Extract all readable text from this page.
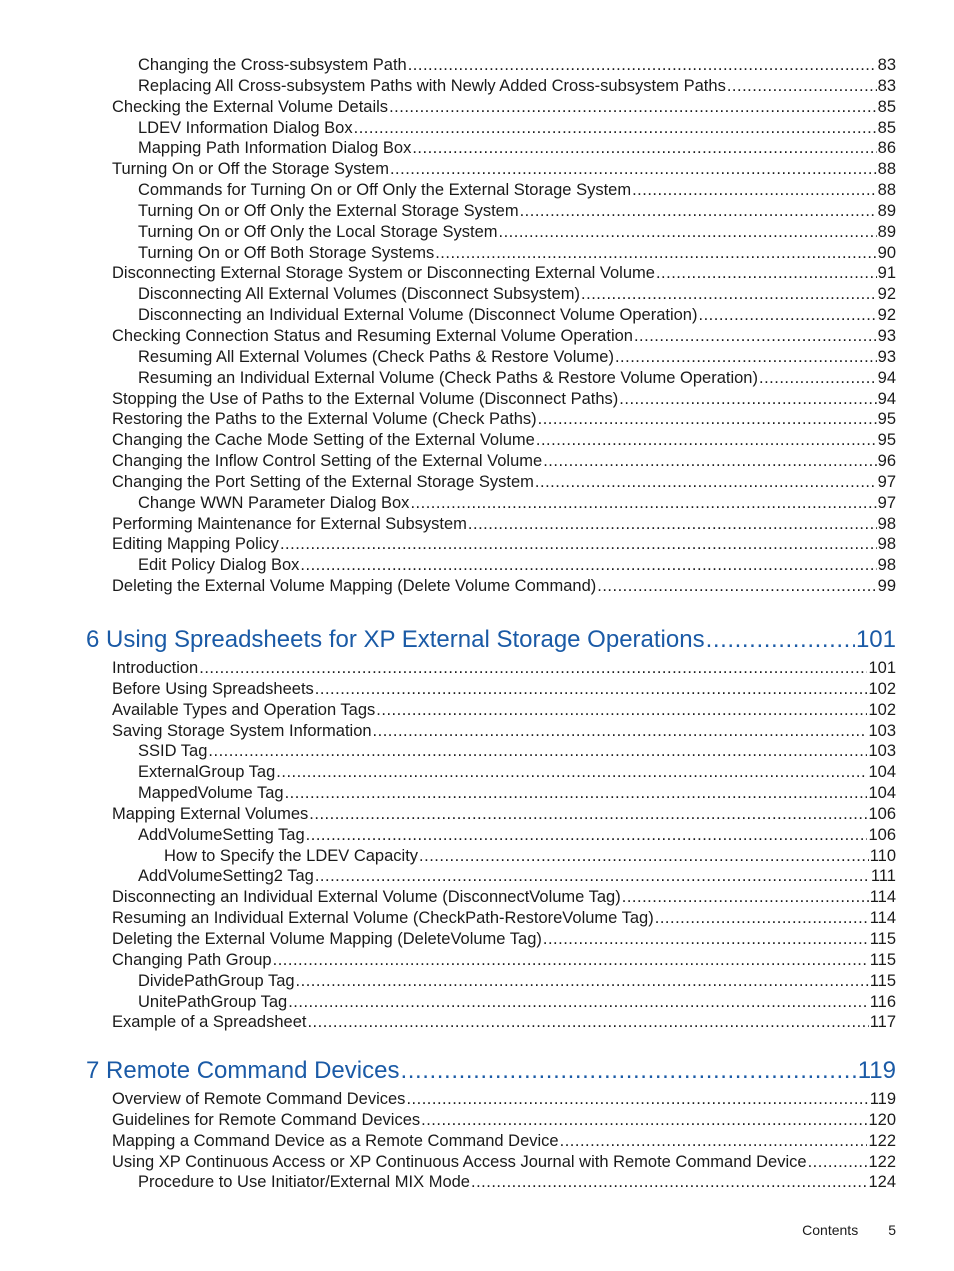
Changing the Cross-subsystem Path .....	83
Replacing All Cross-subsystem Paths with Newly Added Cross-subsystem Paths .....	83
Checking the External Volume Details .....	85
LDEV Information Dialog Box .....	85
Mapping Path Information Dialog Box .....	86
Turning On or Off the Storage System .....	88
Commands for Turning On or Off Only the External Storage System .....	88
Turning On or Off Only the External Storage System .....	89
Turning On or Off Only the Local Storage System .....	89
Turning On or Off Both Storage Systems .....	90
Disconnecting External Storage System or Disconnecting External Volume .....	91
Disconnecting All External Volumes (Disconnect Subsystem) .....	92
Disconnecting an Individual External Volume (Disconnect Volume Operation) .....	92
Checking Connection Status and Resuming External Volume Operation .....	93
Resuming All External Volumes (Check Paths & Restore Volume) .....	93
Resuming an Individual External Volume (Check Paths & Restore Volume Operation) .....	94
Stopping the Use of Paths to the External Volume (Disconnect Paths) .....	94
Restoring the Paths to the External Volume (Check Paths) .....	95
Changing the Cache Mode Setting of the External Volume .....	95
Changing the Inflow Control Setting of the External Volume .....	96
Changing the Port Setting of the External Storage System .....	97
Change WWN Parameter Dialog Box .....	97
Performing Maintenance for External Subsystem .....	98
Editing Mapping Policy .....	98
Edit Policy Dialog Box .....	98
Deleting the External Volume Mapping (Delete Volume Command) .....	99
6 Using Spreadsheets for XP External Storage Operations .....	101
Introduction .....	101
Before Using Spreadsheets .....	102
Available Types and Operation Tags .....	102
Saving Storage System Information .....	103
SSID Tag .....	103
ExternalGroup Tag .....	104
MappedVolume Tag .....	104
Mapping External Volumes .....	106
AddVolumeSetting Tag .....	106
How to Specify the LDEV Capacity .....	110
AddVolumeSetting2 Tag .....	111
Disconnecting an Individual External Volume (DisconnectVolume Tag) .....	114
Resuming an Individual External Volume (CheckPath-RestoreVolume Tag) .....	114
Deleting the External Volume Mapping (DeleteVolume Tag) .....	115
Changing Path Group .....	115
DividePathGroup Tag .....	115
UnitePathGroup Tag .....	116
Example of a Spreadsheet .....	117
7 Remote Command Devices .....	119
Overview of Remote Command Devices .....	119
Guidelines for Remote Command Devices .....	120
Mapping a Command Device as a Remote Command Device .....	122
Using XP Continuous Access or XP Continuous Access Journal with Remote Command Device .....	122
Procedure to Use Initiator/External MIX Mode .....	124
Contents 5
